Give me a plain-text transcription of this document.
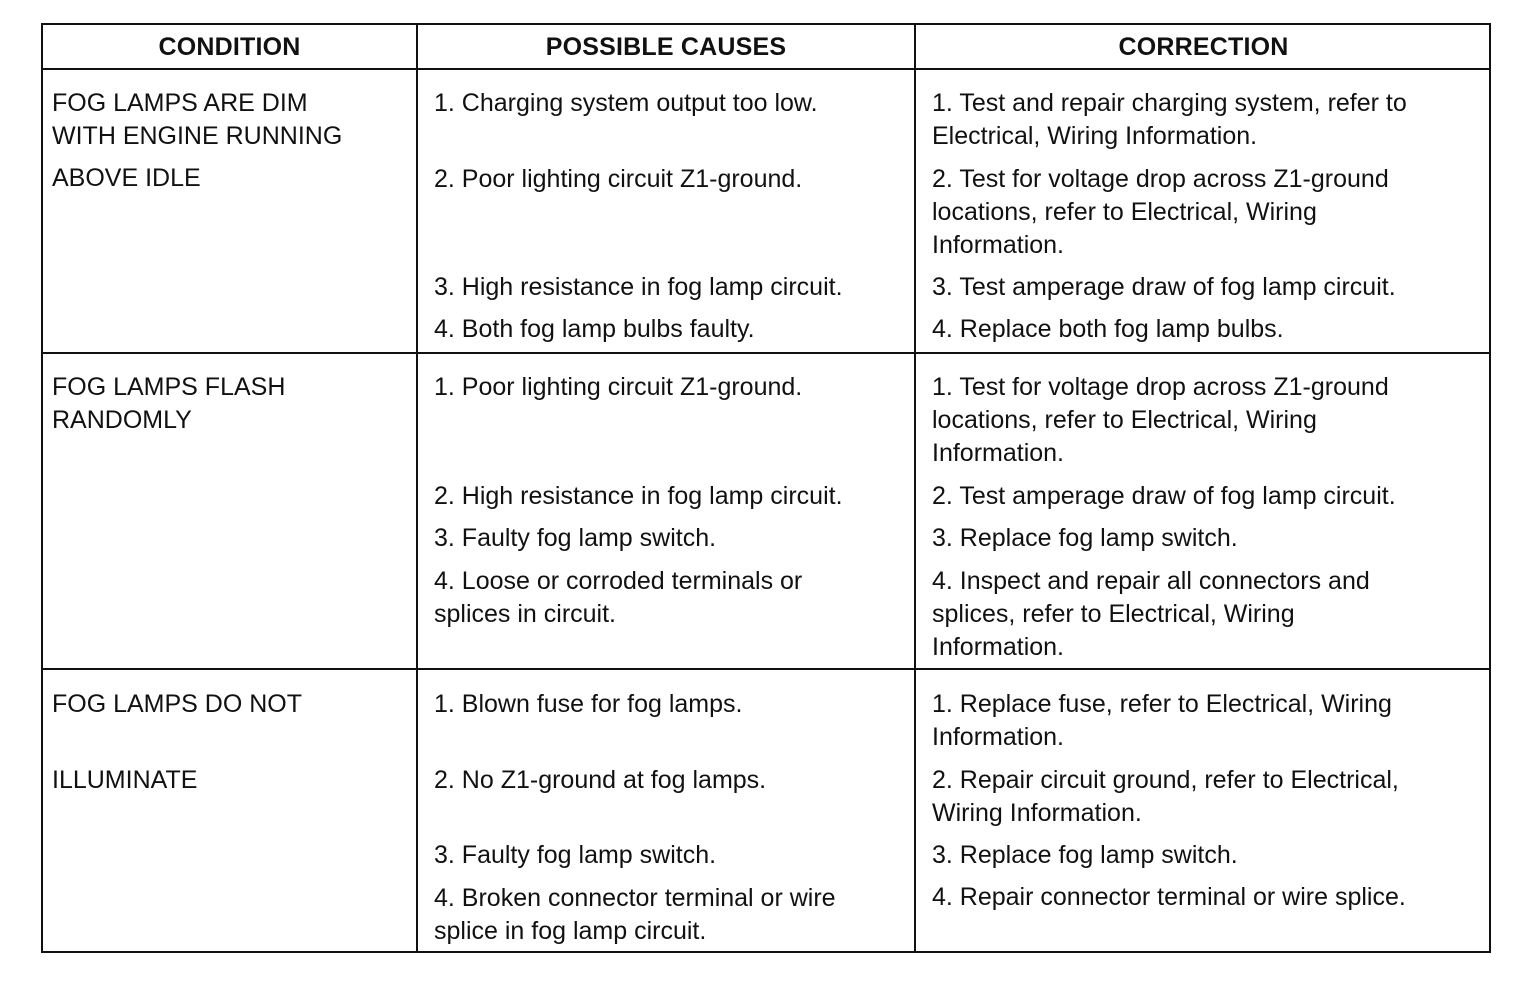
CONDITION	POSSIBLE CAUSES	CORRECTION
FOG LAMPS ARE DIM
WITH ENGINE RUNNING
ABOVE IDLE
1. Charging system output too low.
2. Poor lighting circuit Z1-ground.
3. High resistance in fog lamp circuit.
4. Both fog lamp bulbs faulty.
1. Test and repair charging system, refer to
Electrical, Wiring Information.
2. Test for voltage drop across Z1-ground
locations, refer to Electrical, Wiring
Information.
3. Test amperage draw of fog lamp circuit.
4. Replace both fog lamp bulbs.
FOG LAMPS FLASH
RANDOMLY
1. Poor lighting circuit Z1-ground.
2. High resistance in fog lamp circuit.
3. Faulty fog lamp switch.
4. Loose or corroded terminals or
splices in circuit.
1. Test for voltage drop across Z1-ground
locations, refer to Electrical, Wiring
Information.
2. Test amperage draw of fog lamp circuit.
3. Replace fog lamp switch.
4. Inspect and repair all connectors and
splices, refer to Electrical, Wiring
Information.
FOG LAMPS DO NOT
ILLUMINATE
1. Blown fuse for fog lamps.
2. No Z1-ground at fog lamps.
3. Faulty fog lamp switch.
4. Broken connector terminal or wire
splice in fog lamp circuit.
1. Replace fuse, refer to Electrical, Wiring
Information.
2. Repair circuit ground, refer to Electrical,
Wiring Information.
3. Replace fog lamp switch.
4. Repair connector terminal or wire splice.
